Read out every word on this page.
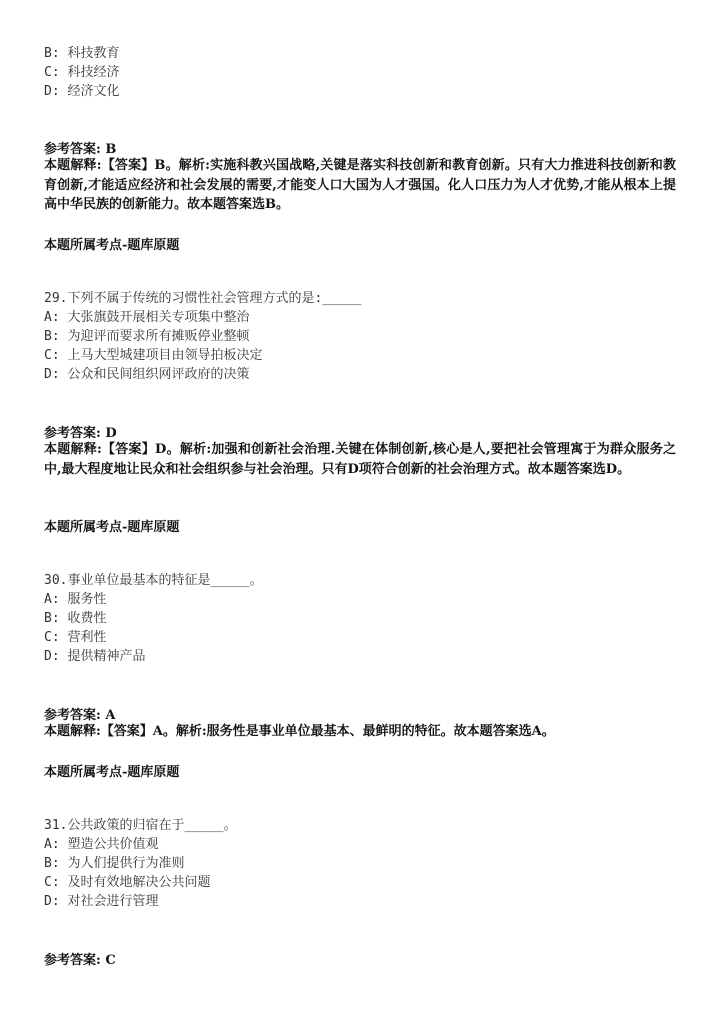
B: 科技教育
C: 科技经济
D: 经济文化
参考答案: B
本题解释:【答案】B。解析:实施科教兴国战略,关键是落实科技创新和教育创新。只有大力推进科技创新和教育创新,才能适应经济和社会发展的需要,才能变人口大国为人才强国。化人口压力为人才优势,才能从根本上提高中华民族的创新能力。故本题答案选B。
本题所属考点-题库原题
29.下列不属于传统的习惯性社会管理方式的是:_____
A: 大张旗鼓开展相关专项集中整治
B: 为迎评而要求所有摊贩停业整顿
C: 上马大型城建项目由领导拍板决定
D: 公众和民间组织网评政府的决策
参考答案: D
本题解释:【答案】D。解析:加强和创新社会治理.关键在体制创新,核心是人,要把社会管理寓于为群众服务之中,最大程度地让民众和社会组织参与社会治理。只有D项符合创新的社会治理方式。故本题答案选D。
本题所属考点-题库原题
30.事业单位最基本的特征是_____。
A: 服务性
B: 收费性
C: 营利性
D: 提供精神产品
参考答案: A
本题解释:【答案】A。解析:服务性是事业单位最基本、最鲜明的特征。故本题答案选A。
本题所属考点-题库原题
31.公共政策的归宿在于_____。
A: 塑造公共价值观
B: 为人们提供行为准则
C: 及时有效地解决公共问题
D: 对社会进行管理
参考答案: C
